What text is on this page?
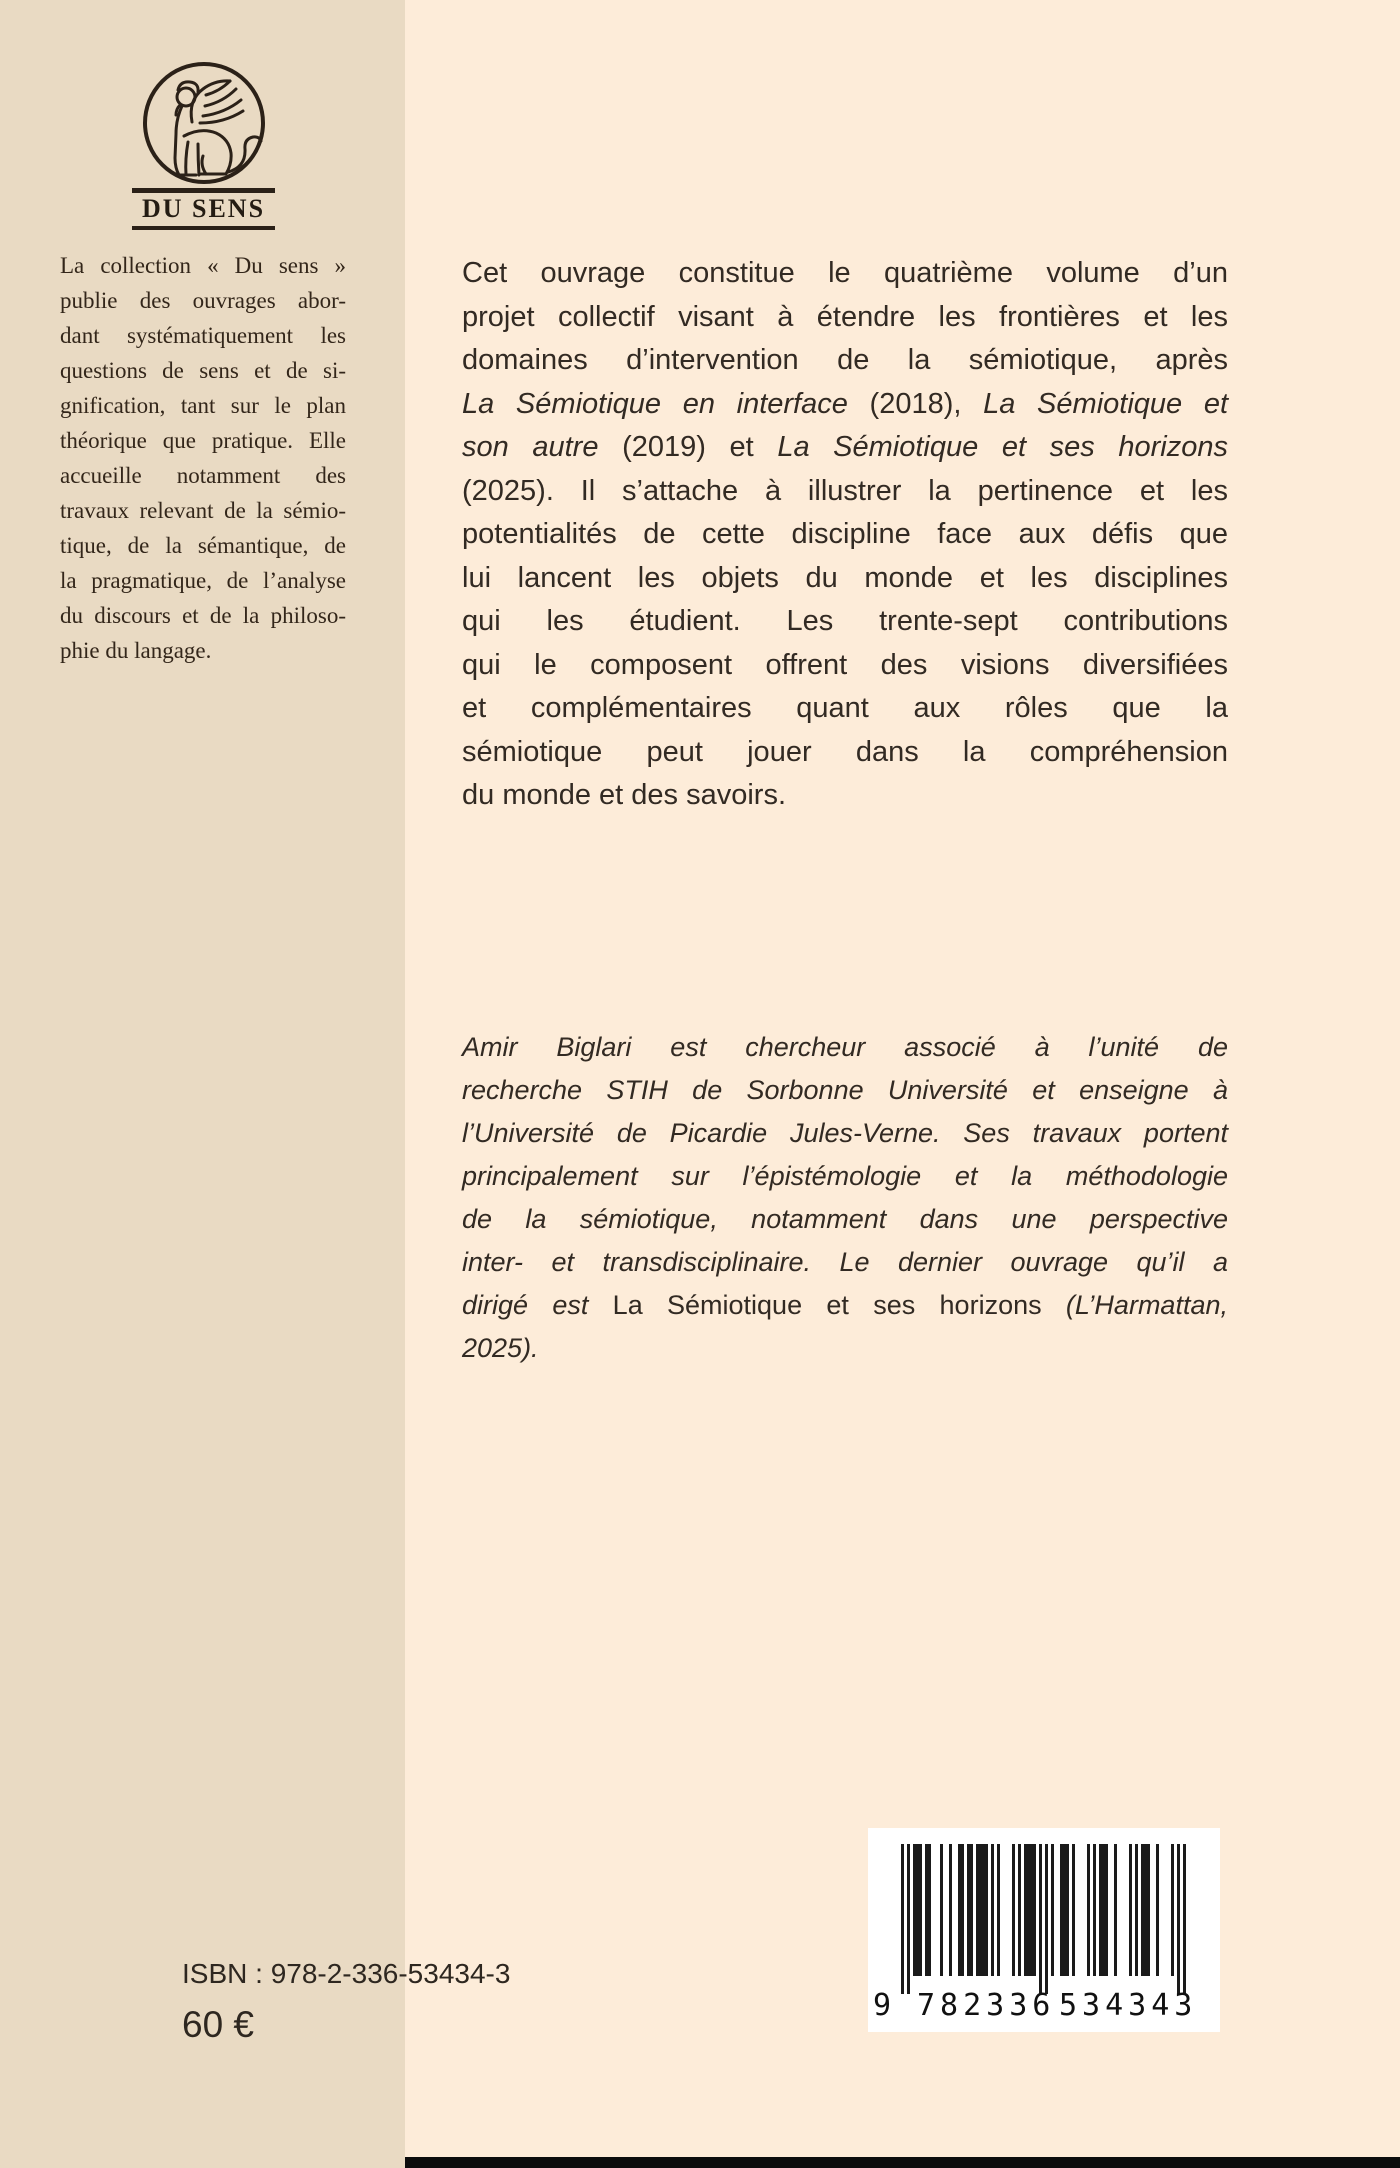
DU SENS
La collection « Du sens »
publie des ouvrages abor-
dant systématiquement les
questions de sens et de si-
gnification, tant sur le plan
théorique que pratique. Elle
accueille notamment des
travaux relevant de la sémio-
tique, de la sémantique, de
la pragmatique, de l’analyse
du discours et de la philoso-
phie du langage.
Cet ouvrage constitue le quatrième volume d’un
projet collectif visant à étendre les frontières et les
domaines d’intervention de la sémiotique, après
La Sémiotique en interface (2018), La Sémiotique et
son autre (2019) et La Sémiotique et ses horizons
(2025). Il s’attache à illustrer la pertinence et les
potentialités de cette discipline face aux défis que
lui lancent les objets du monde et les disciplines
qui les étudient. Les trente-sept contributions
qui le composent offrent des visions diversifiées
et complémentaires quant aux rôles que la
sémiotique peut jouer dans la compréhension
du monde et des savoirs.
Amir Biglari est chercheur associé à l’unité de
recherche STIH de Sorbonne Université et enseigne à
l’Université de Picardie Jules-Verne. Ses travaux portent
principalement sur l’épistémologie et la méthodologie
de la sémiotique, notamment dans une perspective
inter- et transdisciplinaire. Le dernier ouvrage qu’il a
dirigé est La Sémiotique et ses horizons (L’Harmattan,
2025).
ISBN : 978-2-336-53434-3
60 €	9 782336 534343
